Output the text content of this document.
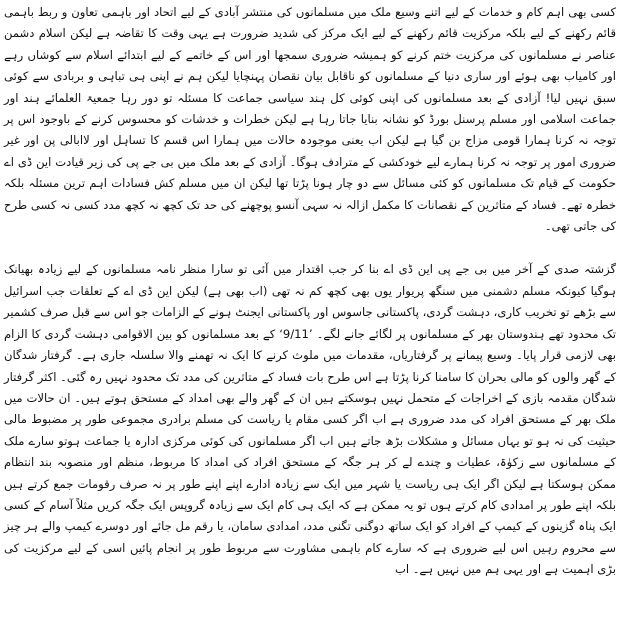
کسی بھی اہم کام و خدمات کے لیے اتنے وسیع ملک میں مسلمانوں کی منتشر آبادی کے لیے اتحاد اور باہمی تعاون و ربط باہمی قائم رکھنے کے لیے بلکہ مرکزیت قائم رکھنے کے لیے ایک مرکز کی شدید ضرورت ہے یہی وقت کا تقاضہ ہے لیکن اسلام دشمن عناصر نے مسلمانوں کی مرکزیت ختم کرنے کو ہمیشہ ضروری سمجھا اور اس کے خاتمے کے لیے ابتدائے اسلام سے کوشاں رہے اور کامیاب بھی ہوئے اور ساری دنیا کے مسلمانوں کو ناقابل بیان نقصان پہنچایا لیکن ہم نے اپنی ہی تباہی و بربادی سے کوئی سبق نہیں لیا! آزادی کے بعد مسلمانوں کی اپنی کوئی کل ہند سیاسی جماعت کا مسئلہ تو دور رہا جمعیۃ العلمائے ہند اور جماعت اسلامی اور مسلم پرسنل بورڈ کو نشانہ بنایا جاتا رہا ہے لیکن خطرات و خدشات کو محسوس کرنے کے باوجود اس پر توجہ نہ کرنا ہمارا قومی مزاج بن گیا ہے لیکن اب یعنی موجودہ حالات میں ہمارا اس قسم کا تساہل اور لاابالی پن اور غیر ضروری امور پر توجہ نہ کرنا ہمارے لیے خودکشی کے مترادف ہوگا۔ آزادی کے بعد ملک میں بی جے پی کی زیر قیادت این ڈی اے حکومت کے قیام تک مسلمانوں کو کئی مسائل سے دو چار ہونا پڑتا تھا لیکن ان میں مسلم کش فسادات اہم ترین مسئلہ بلکہ خطرہ تھے۔ فساد کے متاثرین کے نقصانات کا مکمل ازالہ نہ سہی آنسو پوچھنے کی حد تک کچھ نہ کچھ مدد کسی نہ کسی طرح کی جاتی تھی۔

گزشتہ صدی کے آخر میں بی جے پی این ڈی اے بنا کر جب اقتدار میں آئی تو سارا منظر نامہ مسلمانوں کے لیے زیادہ بھیانک ہوگیا کیونکہ مسلم دشمنی میں سنگھ پریوار یوں بھی کچھ کم نہ تھی (اب بھی ہے) لیکن این ڈی اے کے تعلقات جب اسرائیل سے بڑھے تو تخریب کاری، دہشت گردی، پاکستانی جاسوس اور پاکستانی ایجنٹ ہونے کے الزامات جو اس سے قبل صرف کشمیر تک محدود تھے ہندوستان بھر کے مسلمانوں پر لگائے جانے لگے۔ ’9/11‘ کے بعد مسلمانوں کو بین الاقوامی دہشت گردی کا الزام بھی لازمی قرار پایا۔ وسیع پیمانے پر گرفتاریاں، مقدمات میں ملوث کرنے کا ایک نہ تھمنے والا سلسلہ جاری ہے۔ گرفتار شدگان کے گھر والوں کو مالی بحران کا سامنا کرنا پڑتا ہے اس طرح بات فساد کے متاثرین کی مدد تک محدود نہیں رہ گئی۔ اکثر گرفتار شدگان مقدمہ بازی کے اخراجات کے متحمل نہیں ہوسکتے ہیں ان کے گھر والے بھی امداد کے مستحق ہوتے ہیں۔ ان حالات میں ملک بھر کے مستحق افراد کی مدد ضروری ہے اب اگر کسی مقام یا ریاست کی مسلم برادری مجموعی طور پر مضبوط مالی حیثیت کی نہ ہو تو یہاں مسائل و مشکلات بڑھ جاتے ہیں اب اگر مسلمانوں کی کوئی مرکزی ادارہ یا جماعت ہوتو سارے ملک کے مسلمانوں سے زکوٰۃ، عطیات و چندے لے کر ہر جگہ کے مستحق افراد کی امداد کا مربوط، منظم اور منصوبہ بند انتظام ممکن ہوسکتا ہے لیکن اگر ایک ہی ریاست یا شہر میں ایک سے زیادہ ادارے اپنے اپنے طور پر نہ صرف رقومات جمع کرتے ہیں بلکہ اپنے طور پر امدادی کام کرتے ہوں تو یہ ممکن ہے کہ ایک ہی کام ایک سے زیادہ گروپس ایک جگہ کریں مثلاً آسام کے کسی ایک پناہ گزینوں کے کیمپ کے افراد کو ایک ساتھ دوگنی تگنی مدد، امدادی سامان، یا رقم مل جائے اور دوسرے کیمپ والے ہر چیز سے محروم رہیں اس لیے ضروری ہے کہ سارے کام باہمی مشاورت سے مربوط طور پر انجام پائیں اسی کے لیے مرکزیت کی بڑی اہمیت ہے اور یہی ہم میں نہیں ہے۔ اب
